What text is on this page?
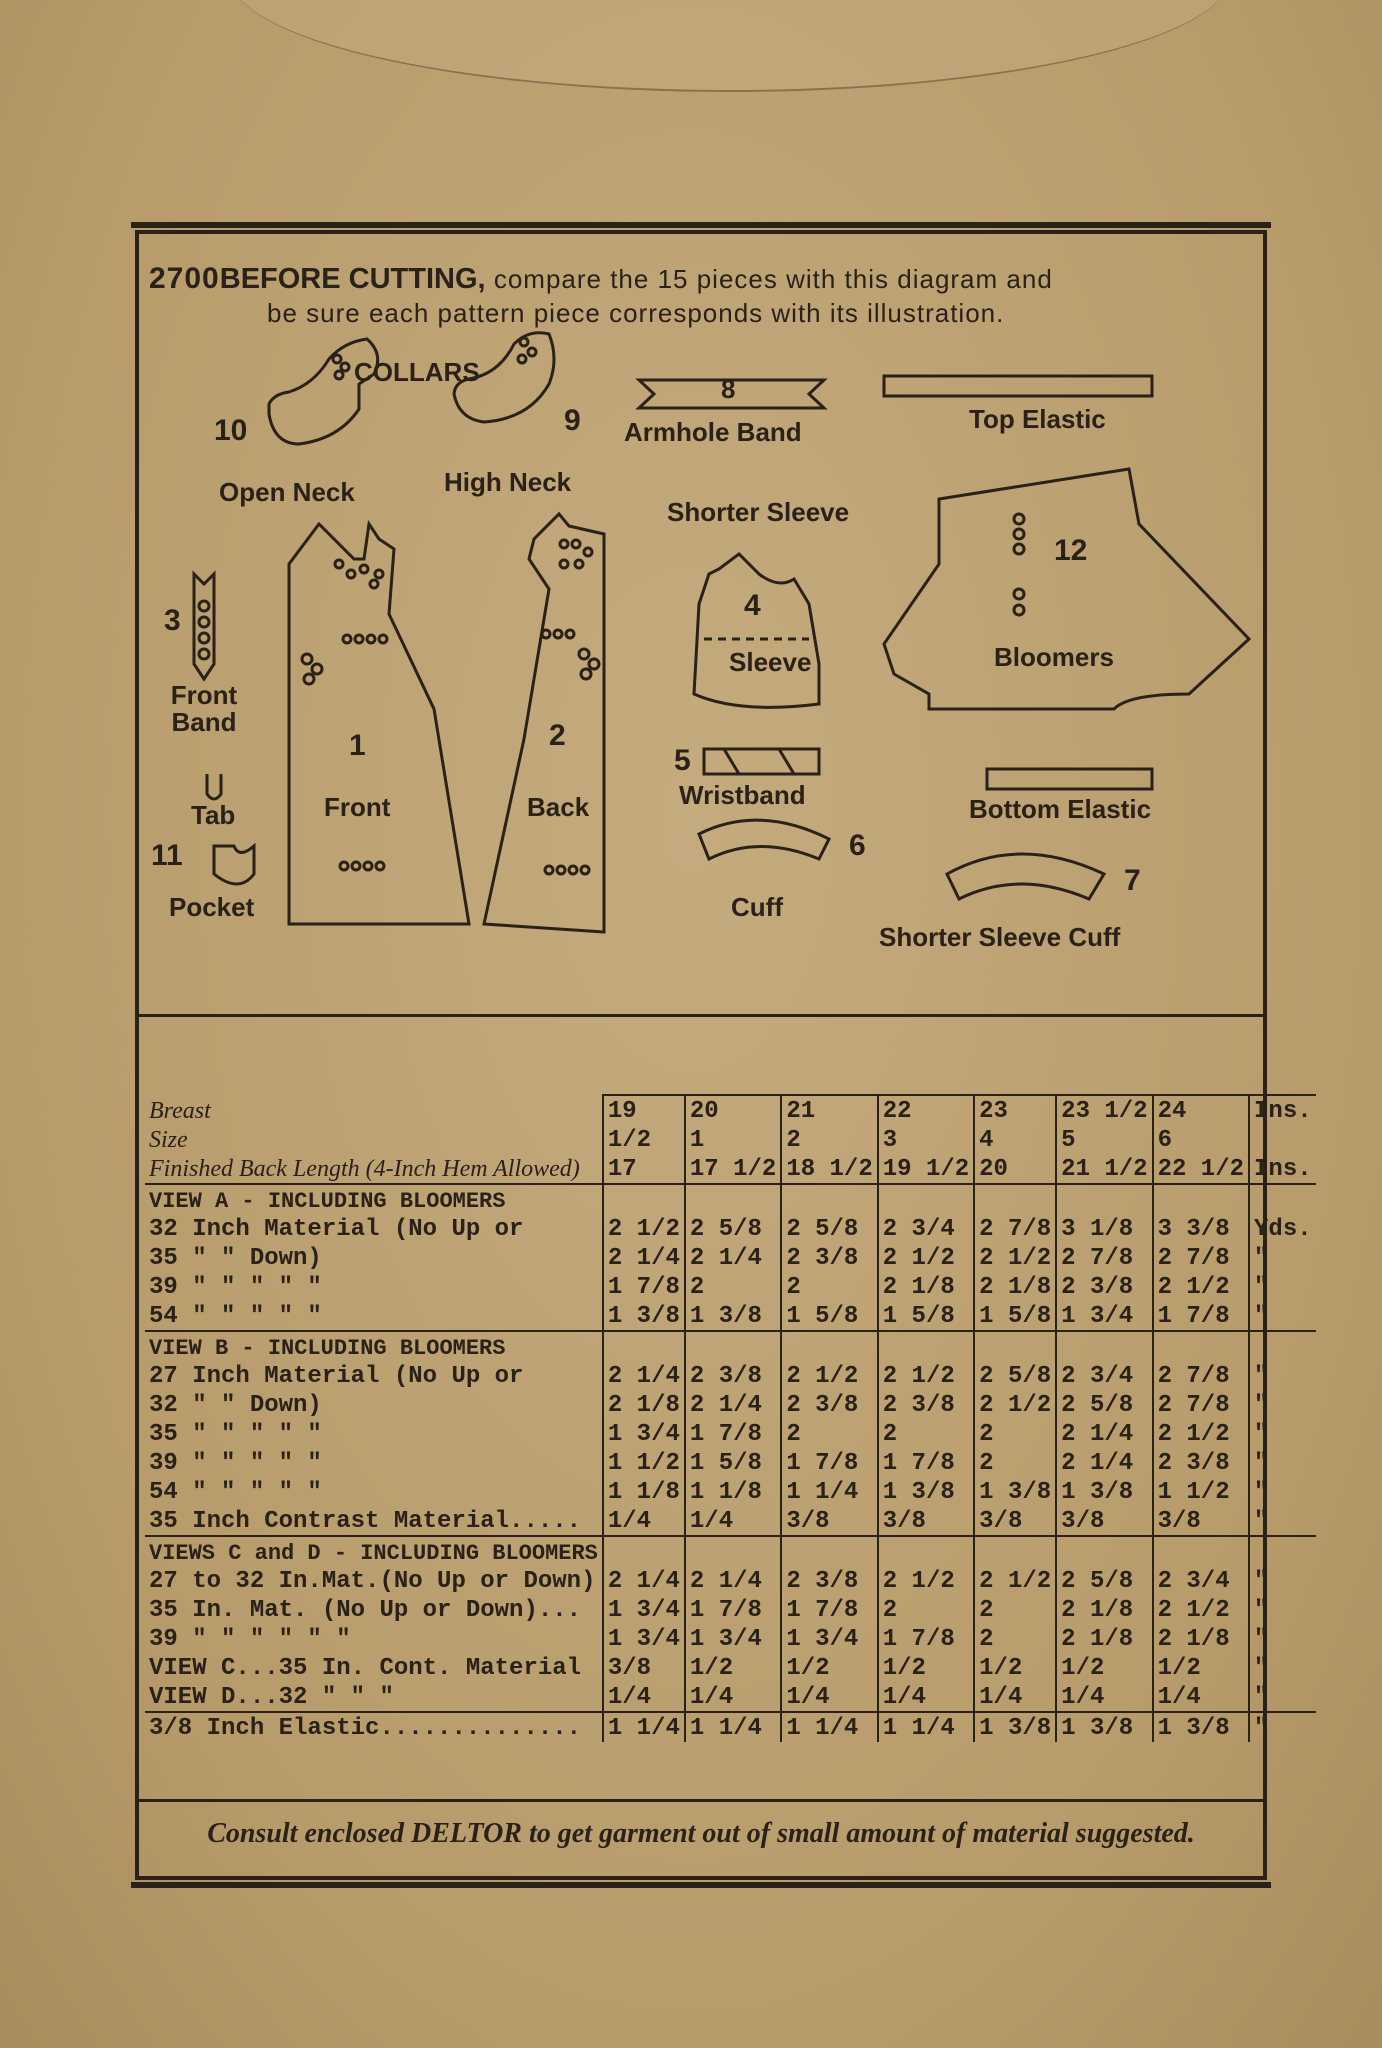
2700BEFORE CUTTING, compare the 15 pieces with this diagram and
be sure each pattern piece corresponds with its illustration.
COLLARS
10
Open Neck
9
High Neck
8
Armhole Band	Top Elastic
Shorter Sleeve
4
Sleeve
12
Bloomers
3
Front Band
1
Front
2
Back
Tab
11
Pocket
5
Wristband	Bottom Elastic
6
Cuff
7
Shorter Sleeve Cuff
Breast	19	20	21	22	23	23 1/2	24	Ins.
Size	1/2	1	2	3	4	5	6	
Finished Back Length (4-Inch Hem Allowed)	17	17 1/2	18 1/2	19 1/2	20	21 1/2	22 1/2	Ins.
VIEW A - INCLUDING BLOOMERS								
32 Inch Material (No Up or	2 1/2	2 5/8	2 5/8	2 3/4	2 7/8	3 1/8	3 3/8	Yds.
35 " " Down)	2 1/4	2 1/4	2 3/8	2 1/2	2 1/2	2 7/8	2 7/8	"
39 " " " " "	1 7/8	2	2	2 1/8	2 1/8	2 3/8	2 1/2	"
54 " " " " "	1 3/8	1 3/8	1 5/8	1 5/8	1 5/8	1 3/4	1 7/8	"
VIEW B - INCLUDING BLOOMERS								
27 Inch Material (No Up or	2 1/4	2 3/8	2 1/2	2 1/2	2 5/8	2 3/4	2 7/8	"
32 " " Down)	2 1/8	2 1/4	2 3/8	2 3/8	2 1/2	2 5/8	2 7/8	"
35 " " " " "	1 3/4	1 7/8	2	2	2	2 1/4	2 1/2	"
39 " " " " "	1 1/2	1 5/8	1 7/8	1 7/8	2	2 1/4	2 3/8	"
54 " " " " "	1 1/8	1 1/8	1 1/4	1 3/8	1 3/8	1 3/8	1 1/2	"
35 Inch Contrast Material.....	1/4	1/4	3/8	3/8	3/8	3/8	3/8	"
VIEWS C and D - INCLUDING BLOOMERS								
27 to 32 In.Mat.(No Up or Down)	2 1/4	2 1/4	2 3/8	2 1/2	2 1/2	2 5/8	2 3/4	"
35 In. Mat. (No Up or Down)...	1 3/4	1 7/8	1 7/8	2	2	2 1/8	2 1/2	"
39 " " " " " "	1 3/4	1 3/4	1 3/4	1 7/8	2	2 1/8	2 1/8	"
VIEW C...35 In. Cont. Material	3/8	1/2	1/2	1/2	1/2	1/2	1/2	"
VIEW D...32 " " "	1/4	1/4	1/4	1/4	1/4	1/4	1/4	"
3/8 Inch Elastic..............	1 1/4	1 1/4	1 1/4	1 1/4	1 3/8	1 3/8	1 3/8	"
Consult enclosed DELTOR to get garment out of small amount of material suggested.
